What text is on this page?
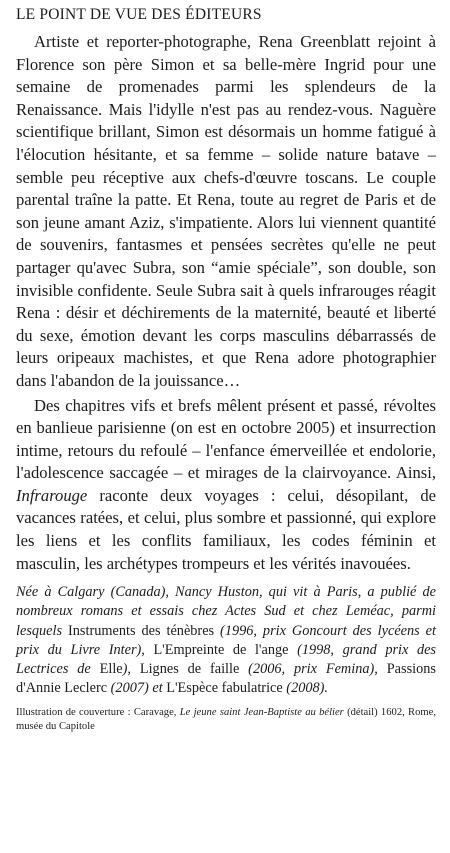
LE POINT DE VUE DES ÉDITEURS

Artiste et reporter-photographe, Rena Greenblatt rejoint à Florence son père Simon et sa belle-mère Ingrid pour une semaine de promenades parmi les splendeurs de la Renaissance. Mais l'idylle n'est pas au rendez-vous. Naguère scientifique brillant, Simon est désormais un homme fatigué à l'élocution hésitante, et sa femme – solide nature batave – semble peu réceptive aux chefs-d'œuvre toscans. Le couple parental traîne la patte. Et Rena, toute au regret de Paris et de son jeune amant Aziz, s'impatiente. Alors lui viennent quantité de souvenirs, fantasmes et pensées secrètes qu'elle ne peut partager qu'avec Subra, son “amie spéciale”, son double, son invisible confidente. Seule Subra sait à quels infrarouges réagit Rena : désir et déchirements de la maternité, beauté et liberté du sexe, émotion devant les corps masculins débarrassés de leurs oripeaux machistes, et que Rena adore photographier dans l'abandon de la jouissance…

Des chapitres vifs et brefs mêlent présent et passé, révoltes en banlieue parisienne (on est en octobre 2005) et insurrection intime, retours du refoulé – l'enfance émerveillée et endolorie, l'adolescence saccagée – et mirages de la clairvoyance. Ainsi, Infrarouge raconte deux voyages : celui, désopilant, de vacances ratées, et celui, plus sombre et passionné, qui explore les liens et les conflits familiaux, les codes féminin et masculin, les archétypes trompeurs et les vérités inavouées.

Née à Calgary (Canada), Nancy Huston, qui vit à Paris, a publié de nombreux romans et essais chez Actes Sud et chez Leméac, parmi lesquels Instruments des ténèbres (1996, prix Goncourt des lycéens et prix du Livre Inter), L'Empreinte de l'ange (1998, grand prix des Lectrices de Elle), Lignes de faille (2006, prix Femina), Passions d'Annie Leclerc (2007) et L'Espèce fabulatrice (2008).

Illustration de couverture : Caravage, Le jeune saint Jean-Baptiste au bélier (détail) 1602, Rome, musée du Capitole
